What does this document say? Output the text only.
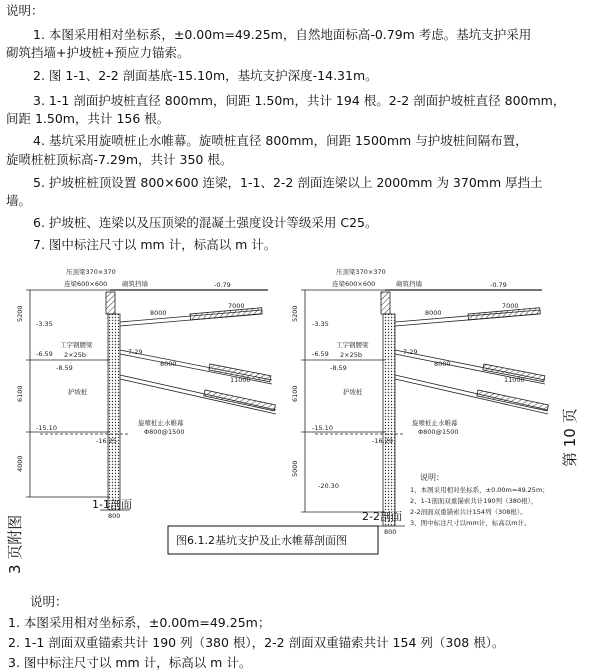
说明：
1. 本图采用相对坐标系，±0.00m=49.25m，自然地面标高-0.79m 考虑。基坑支护采用
砌筑挡墙+护坡桩+预应力锚索。
2. 图 1-1、2-2 剖面基底-15.10m，基坑支护深度-14.31m。
3. 1-1 剖面护坡桩直径 800mm，间距 1.50m，共计 194 根。2-2 剖面护坡桩直径 800mm，
间距 1.50m，共计 156 根。
4. 基坑采用旋喷桩止水帷幕。旋喷桩直径 800mm，间距 1500mm 与护坡桩间隔布置，
旋喷桩桩顶标高-7.29m，共计 350 根。
5. 护坡桩桩顶设置 800×600 连梁，1-1、2-2 剖面连梁以上 2000mm 为 370mm 厚挡土
墙。
6. 护坡桩、连梁以及压顶梁的混凝土强度设计等级采用 C25。
7. 图中标注尺寸以 mm 计，标高以 m 计。
3 页附图
第 10 页
压顶梁370×370
连梁600×600 砌筑挡墙	-0.79
-3.35
-6.59
-8.59
-15.10
-16.25
工字钢腰梁
2×25b	7.29
护坡桩
旋喷桩止水帷幕
Φ800@1500
8000
7000
8000
11000
5200
6100
4000
800
1-1剖面
压顶梁370×370
连梁600×600	砌筑挡墙	-0.79
-3.35
-6.59
-8.59
-15.10
-16.29
-20.30
工字钢腰梁
2×25b	7.29
护坡桩
旋喷桩止水帷幕
Φ800@1500
8000
7000
8000
11000
5200
6100
5000
800
2-2剖面
说明：
1、本图采用相对坐标系，±0.00m=49.25m；
2、1-1剖面双重锚索共计190列（380根），
2-2剖面双重锚索共计154列（308根）。
3、图中标注尺寸以mm计，标高以m计。
图6.1.2基坑支护及止水帷幕剖面图
说明：
1. 本图采用相对坐标系，±0.00m=49.25m；
2. 1-1 剖面双重锚索共计 190 列（380 根），2-2 剖面双重锚索共计 154 列（308 根）。
3. 图中标注尺寸以 mm 计，标高以 m 计。
